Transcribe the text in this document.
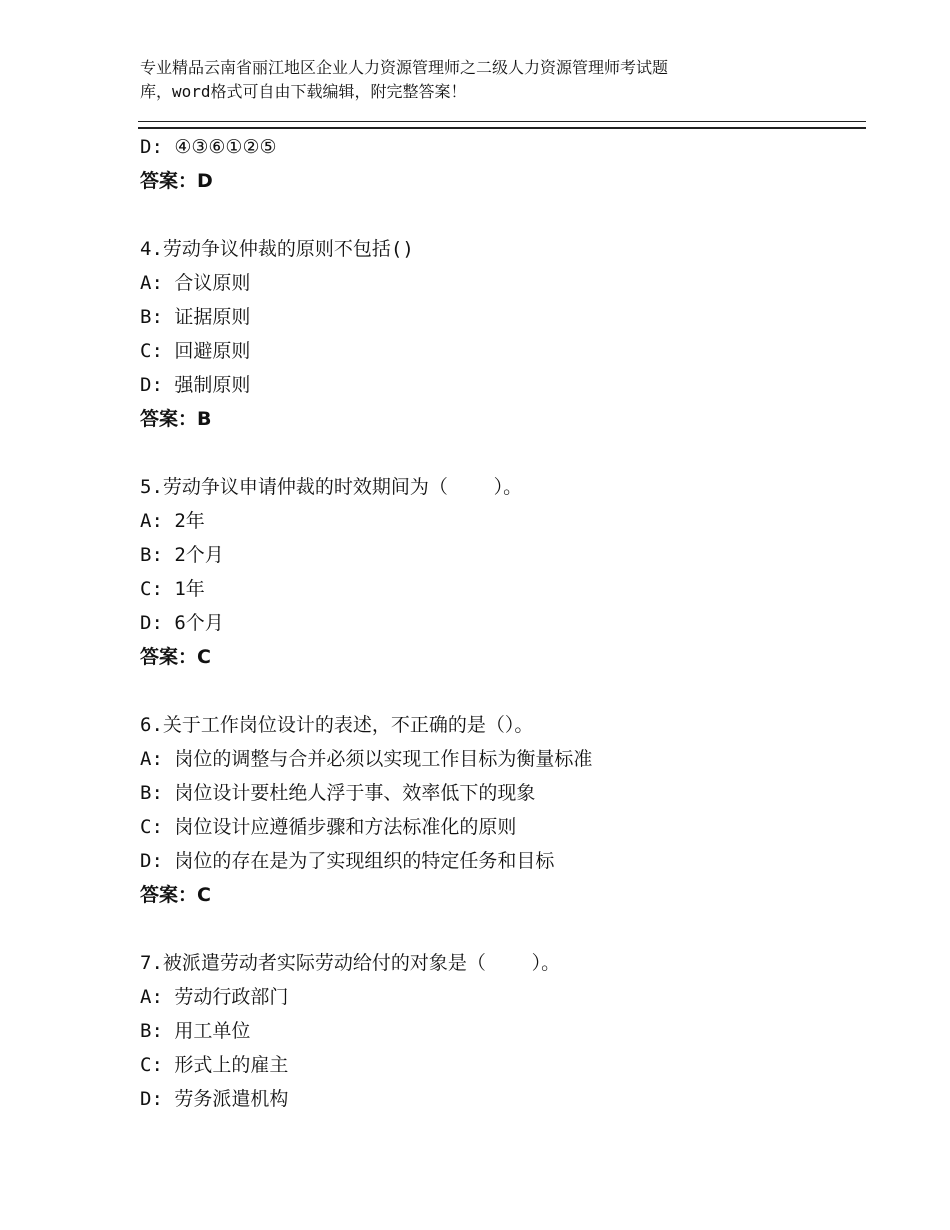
专业精品云南省丽江地区企业人力资源管理师之二级人力资源管理师考试题
库，word格式可自由下载编辑，附完整答案！
D: ④③⑥①②⑤
答案：D
4.劳动争议仲裁的原则不包括()
A: 合议原则
B: 证据原则
C: 回避原则
D: 强制原则
答案：B
5.劳动争议申请仲裁的时效期间为（    ）。
A: 2年
B: 2个月
C: 1年
D: 6个月
答案：C
6.关于工作岗位设计的表述，不正确的是（）。
A: 岗位的调整与合并必须以实现工作目标为衡量标准
B: 岗位设计要杜绝人浮于事、效率低下的现象
C: 岗位设计应遵循步骤和方法标准化的原则
D: 岗位的存在是为了实现组织的特定任务和目标
答案：C
7.被派遣劳动者实际劳动给付的对象是（    ）。
A: 劳动行政部门
B: 用工单位
C: 形式上的雇主
D: 劳务派遣机构
